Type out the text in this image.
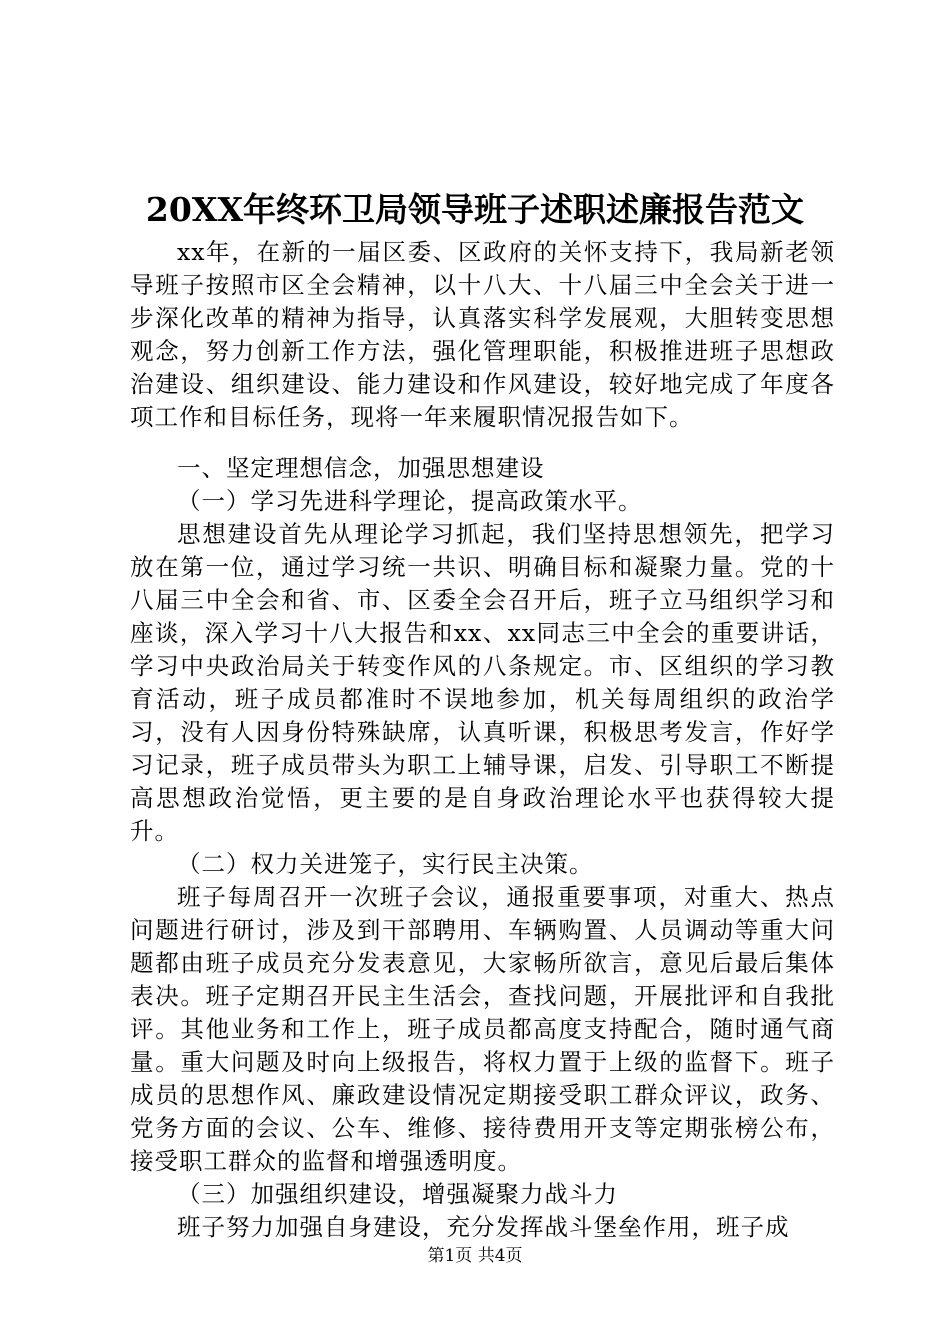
20XX年终环卫局领导班子述职述廉报告范文

xx年，在新的一届区委、区政府的关怀支持下，我局新老领导班子按照市区全会精神，以十八大、十八届三中全会关于进一步深化改革的精神为指导，认真落实科学发展观，大胆转变思想观念，努力创新工作方法，强化管理职能，积极推进班子思想政治建设、组织建设、能力建设和作风建设，较好地完成了年度各项工作和目标任务，现将一年来履职情况报告如下。

一、坚定理想信念，加强思想建设

（一）学习先进科学理论，提高政策水平。

思想建设首先从理论学习抓起，我们坚持思想领先，把学习放在第一位，通过学习统一共识、明确目标和凝聚力量。党的十八届三中全会和省、市、区委全会召开后，班子立马组织学习和座谈，深入学习十八大报告和xx、xx同志三中全会的重要讲话，学习中央政治局关于转变作风的八条规定。市、区组织的学习教育活动，班子成员都准时不误地参加，机关每周组织的政治学习，没有人因身份特殊缺席，认真听课，积极思考发言，作好学习记录，班子成员带头为职工上辅导课，启发、引导职工不断提高思想政治觉悟，更主要的是自身政治理论水平也获得较大提升。

（二）权力关进笼子，实行民主决策。

班子每周召开一次班子会议，通报重要事项，对重大、热点问题进行研讨，涉及到干部聘用、车辆购置、人员调动等重大问题都由班子成员充分发表意见，大家畅所欲言，意见后最后集体表决。班子定期召开民主生活会，查找问题，开展批评和自我批评。其他业务和工作上，班子成员都高度支持配合，随时通气商量。重大问题及时向上级报告，将权力置于上级的监督下。班子成员的思想作风、廉政建设情况定期接受职工群众评议，政务、党务方面的会议、公车、维修、接待费用开支等定期张榜公布，接受职工群众的监督和增强透明度。

（三）加强组织建设，增强凝聚力战斗力

班子努力加强自身建设，充分发挥战斗堡垒作用，班子成

第1页 共4页
